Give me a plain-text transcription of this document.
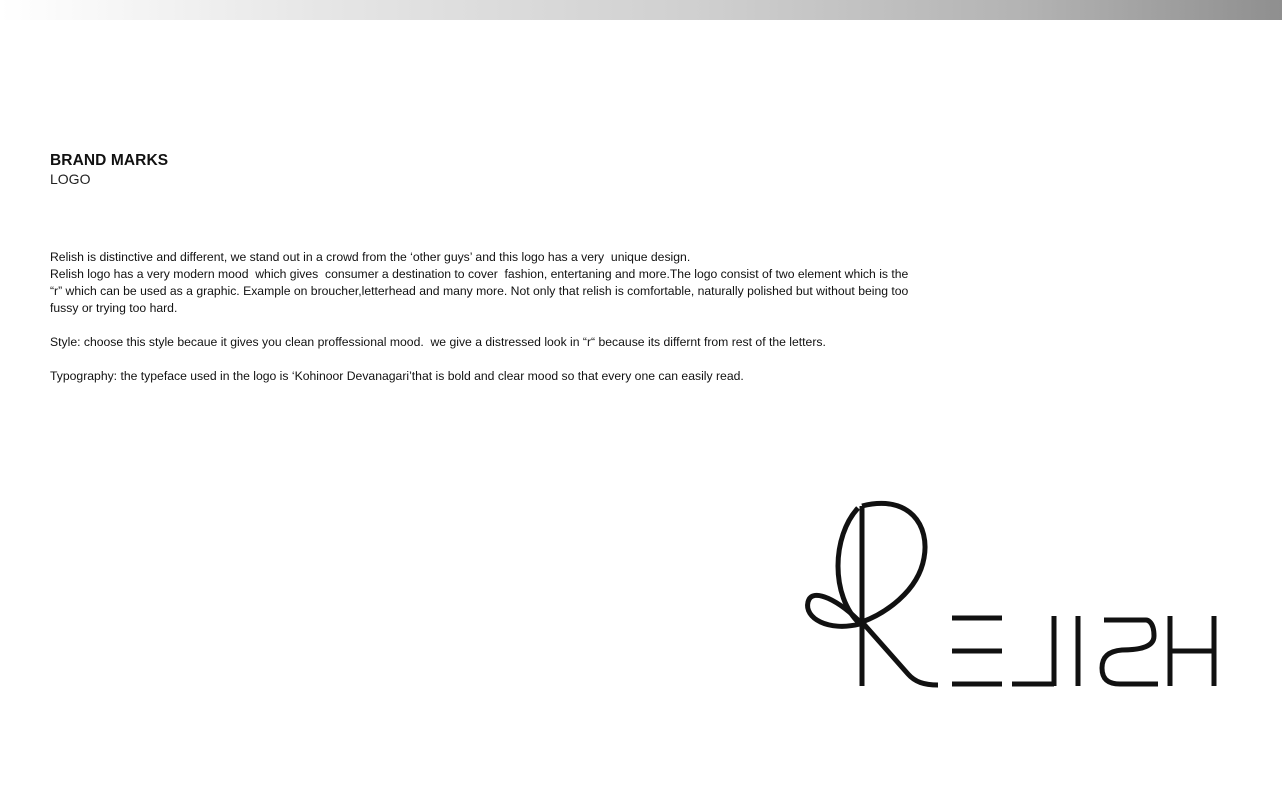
BRAND MARKS
LOGO

Relish is distinctive and different, we stand out in a crowd from the ‘other guys’ and this logo has a very  unique design.

Relish logo has a very modern mood  which gives  consumer a destination to cover  fashion, entertaning and more.The logo consist of two element which is the “r” which can be used as a graphic. Example on broucher,letterhead and many more. Not only that relish is comfortable, naturally polished but without being too fussy or trying too hard.

Style: choose this style becaue it gives you clean proffessional mood.  we give a distressed look in “r“ because its differnt from rest of the letters.

Typography: the typeface used in the logo is ‘Kohinoor Devanagari’that is bold and clear mood so that every one can easily read.
